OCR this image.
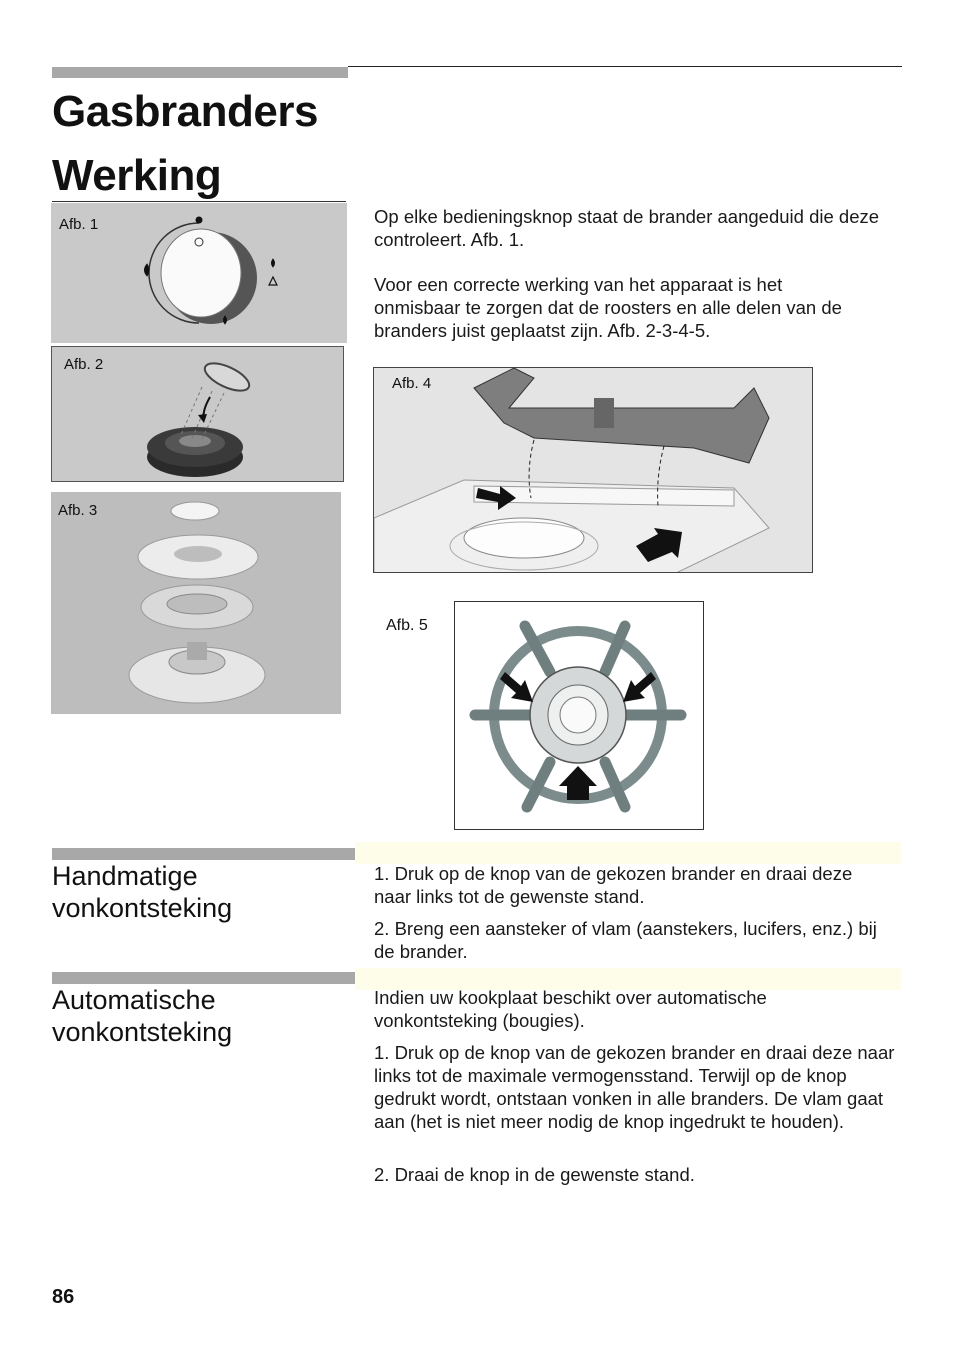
Gasbranders
Werking
Afb. 1
Afb. 2
Afb. 3
Op elke bedieningsknop staat de brander aangeduid die deze controleert. Afb. 1.
Voor een correcte werking van het apparaat is het onmisbaar te zorgen dat de roosters en alle delen van de branders juist geplaatst zijn. Afb. 2-3-4-5.
Afb. 4
Afb. 5
Handmatige vonkontsteking
1. Druk op de knop van de gekozen brander en draai deze naar links tot de gewenste stand.
2. Breng een aansteker of vlam (aanstekers, lucifers, enz.) bij de brander.
Automatische vonkontsteking
Indien uw kookplaat beschikt over automatische vonkontsteking (bougies).
1. Druk op de knop van de gekozen brander en draai deze naar links tot de maximale vermogensstand. Terwijl op de knop gedrukt wordt, ontstaan vonken in alle branders. De vlam gaat aan (het is niet meer nodig de knop ingedrukt te houden).
2. Draai de knop in de gewenste stand.
86
